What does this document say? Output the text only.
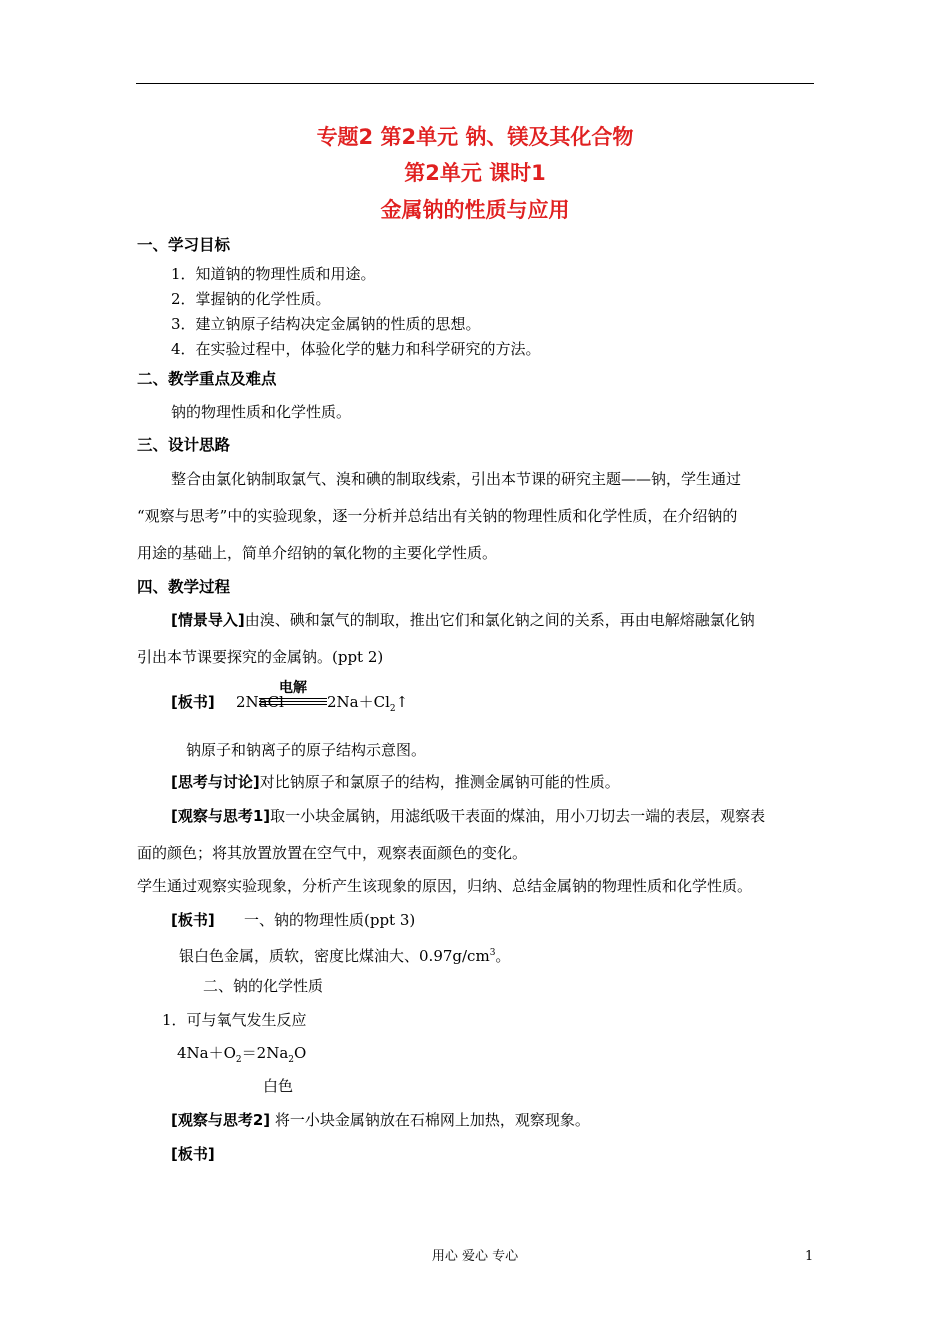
专题2 第2单元 钠、镁及其化合物
第2单元 课时1
金属钠的性质与应用
一、学习目标
1．知道钠的物理性质和用途。
2．掌握钠的化学性质。
3．建立钠原子结构决定金属钠的性质的思想。
4．在实验过程中，体验化学的魅力和科学研究的方法。
二、教学重点及难点
钠的物理性质和化学性质。
三、设计思路
整合由氯化钠制取氯气、溴和碘的制取线索，引出本节课的研究主题——钠，学生通过
“观察与思考”中的实验现象，逐一分析并总结出有关钠的物理性质和化学性质，在介绍钠的
用途的基础上，简单介绍钠的氧化物的主要化学性质。
四、教学过程
[情景导入]由溴、碘和氯气的制取，推出它们和氯化钠之间的关系，再由电解熔融氯化钠
引出本节课要探究的金属钠。(ppt 2)
[板书] 2NaCl
电解
$2Na+Cl_2↑$
钠原子和钠离子的原子结构示意图。
[思考与讨论]对比钠原子和氯原子的结构，推测金属钠可能的性质。
[观察与思考1]取一小块金属钠，用滤纸吸干表面的煤油，用小刀切去一端的表层，观察表
面的颜色；将其放置放置在空气中，观察表面颜色的变化。
学生通过观察实验现象，分析产生该现象的原因，归纳、总结金属钠的物理性质和化学性质。
[板书] 一、钠的物理性质(ppt 3)
银白色金属，质软，密度比煤油大、$0.97g/cm^3$。
二、钠的化学性质
1．可与氧气发生反应
$4Na+O_2=2Na_2O$
白色
[观察与思考2] 将一小块金属钠放在石棉网上加热，观察现象。
[板书]
用心 爱心 专心	1
